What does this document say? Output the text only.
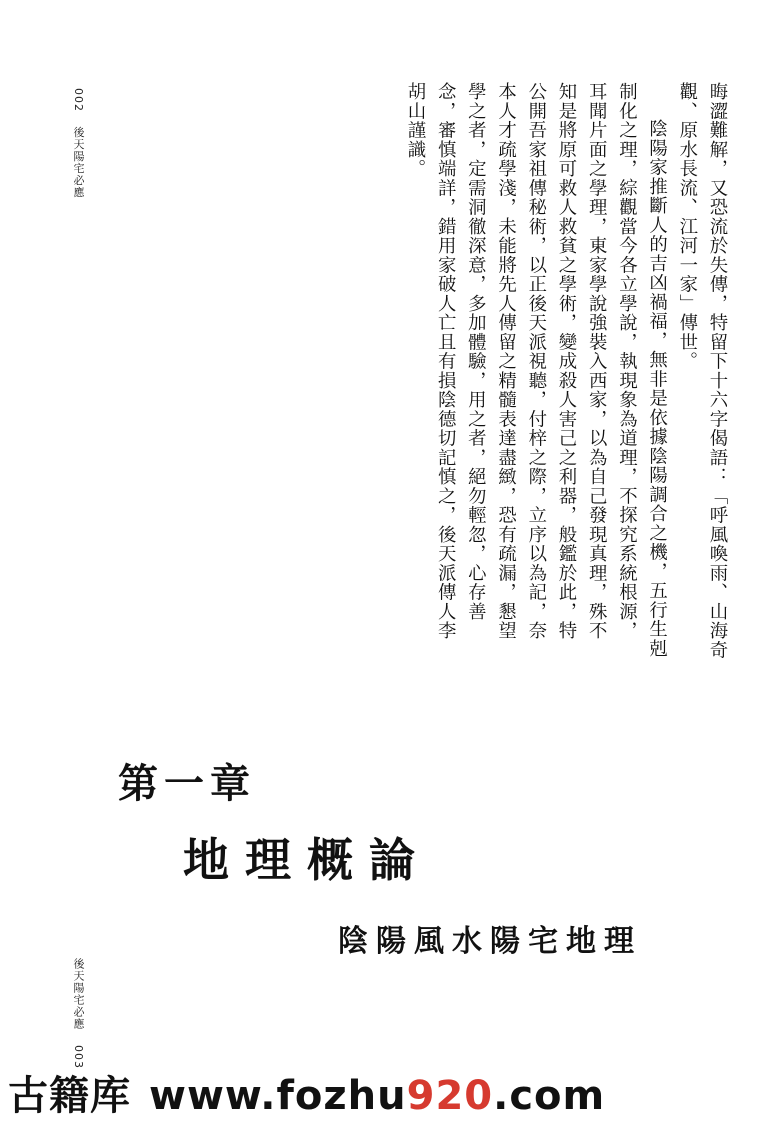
002 後天陽宅必應	晦澀難解，又恐流於失傳，特留下十六字偈語：「呼風喚雨、山海奇

觀、原水長流、江河一家」傳世。

陰陽家推斷人的吉凶禍福，無非是依據陰陽調合之機，五行生剋

制化之理，綜觀當今各立學說，執現象為道理，不探究系統根源，

耳聞片面之學理，東家學說強裝入西家，以為自己發現真理，殊不

知是將原可救人救貧之學術，變成殺人害己之利器，般鑑於此，特

公開吾家祖傳秘術，以正後天派視聽，付梓之際，立序以為記，奈

本人才疏學淺，未能將先人傳留之精髓表達盡緻，恐有疏漏，懇望

學之者，定需洞徹深意，多加體驗，用之者，絕勿輕忽，心存善

念，審慎端詳，錯用家破人亡且有損陰德切記慎之，後天派傳人李

胡山謹識。

第一章
地理概論
陰陽風水陽宅地理
後天陽宅必應 003
古籍库 www.fozhu920.com
